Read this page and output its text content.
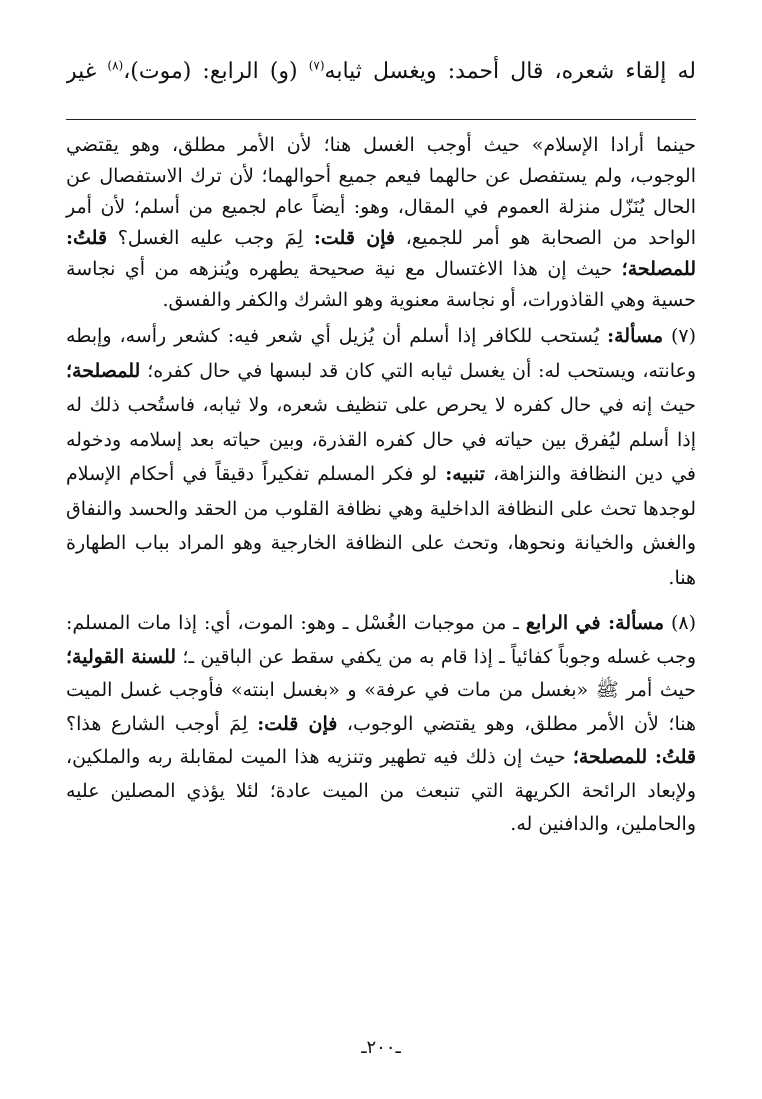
له إلقاء شعره، قال أحمد: ويغسل ثيابه$^{(٧)}$ (و) الرابع: (موت)،$^{(٨)}$ غير

حينما أرادا الإسلام» حيث أوجب الغسل هنا؛ لأن الأمر مطلق، وهو يقتضي الوجوب، ولم يستفصل عن حالهما فيعم جميع أحوالهما؛ لأن ترك الاستفصال عن الحال يُنَزّل منزلة العموم في المقال، وهو: أيضاً عام لجميع من أسلم؛ لأن أمر الواحد من الصحابة هو أمر للجميع، فإن قلت: لِمَ وجب عليه الغسل؟ قلتُ: للمصلحة؛ حيث إن هذا الاغتسال مع نية صحيحة يطهره ويُنزهه من أي نجاسة حسية وهي القاذورات، أو نجاسة معنوية وهو الشرك والكفر والفسق.

(٧) مسألة: يُستحب للكافر إذا أسلم أن يُزيل أي شعر فيه: كشعر رأسه، وإبطه وعانته، ويستحب له: أن يغسل ثيابه التي كان قد لبسها في حال كفره؛ للمصلحة؛ حيث إنه في حال كفره لا يحرص على تنظيف شعره، ولا ثيابه، فاستُحب ذلك له إذا أسلم ليُفرق بين حياته في حال كفره القذرة، وبين حياته بعد إسلامه ودخوله في دين النظافة والنزاهة، تنبيه: لو فكر المسلم تفكيراً دقيقاً في أحكام الإسلام لوجدها تحث على النظافة الداخلية وهي نظافة القلوب من الحقد والحسد والنفاق والغش والخيانة ونحوها، وتحث على النظافة الخارجية وهو المراد بباب الطهارة هنا.

(٨) مسألة: في الرابع ـ من موجبات الغُسْل ـ وهو: الموت، أي: إذا مات المسلم: وجب غسله وجوباً كفائياً ـ إذا قام به من يكفي سقط عن الباقين ـ؛ للسنة القولية؛ حيث أمر ﷺ «بغسل من مات في عرفة» و «بغسل ابنته» فأوجب غسل الميت هنا؛ لأن الأمر مطلق، وهو يقتضي الوجوب، فإن قلت: لِمَ أوجب الشارع هذا؟ قلتُ: للمصلحة؛ حيث إن ذلك فيه تطهير وتنزيه هذا الميت لمقابلة ربه والملكين، ولإبعاد الرائحة الكريهة التي تنبعث من الميت عادة؛ لئلا يؤذي المصلين عليه والحاملين، والدافنين له.

ـ٢٠٠ـ
